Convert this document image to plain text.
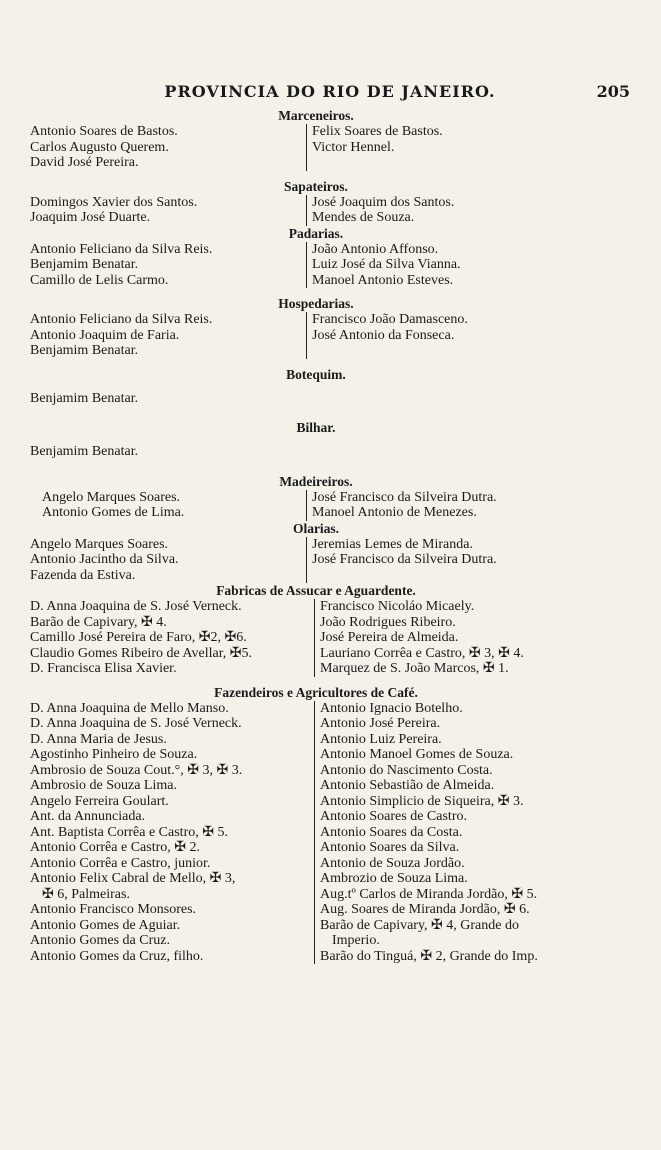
PROVINCIA DO RIO DE JANEIRO.	205
Marceneiros.
Antonio Soares de Bastos.
Carlos Augusto Querem.
David José Pereira.
Felix Soares de Bastos.
Victor Hennel.

Sapateiros.
Domingos Xavier dos Santos.
Joaquim José Duarte.
José Joaquim dos Santos.
Mendes de Souza.
Padarias.
Antonio Feliciano da Silva Reis.
Benjamim Benatar.
Camillo de Lelis Carmo.
João Antonio Affonso.
Luiz José da Silva Vianna.
Manoel Antonio Esteves.
Hospedarias.
Antonio Feliciano da Silva Reis.
Antonio Joaquim de Faria.
Benjamim Benatar.
Francisco João Damasceno.
José Antonio da Fonseca.

Botequim.
Benjamim Benatar.
Bilhar.
Benjamim Benatar.
Madeireiros.
Angelo Marques Soares.
Antonio Gomes de Lima.
José Francisco da Silveira Dutra.
Manoel Antonio de Menezes.
Olarias.
Angelo Marques Soares.
Antonio Jacintho da Silva.
Fazenda da Estiva.
Jeremias Lemes de Miranda.
José Francisco da Silveira Dutra.

Fabricas de Assucar e Aguardente.
D. Anna Joaquina de S. José Verneck.
Barão de Capivary, ✠ 4.
Camillo José Pereira de Faro, ✠2, ✠6.
Claudio Gomes Ribeiro de Avellar, ✠5.
D. Francisca Elisa Xavier.
Francisco Nicoláo Micaely.
João Rodrigues Ribeiro.
José Pereira de Almeida.
Lauriano Corrêa e Castro, ✠ 3, ✠ 4.
Marquez de S. João Marcos, ✠ 1.
Fazendeiros e Agricultores de Café.
D. Anna Joaquina de Mello Manso.
D. Anna Joaquina de S. José Verneck.
D. Anna Maria de Jesus.
Agostinho Pinheiro de Souza.
Ambrosio de Souza Cout.°, ✠ 3, ✠ 3.
Ambrosio de Souza Lima.
Angelo Ferreira Goulart.
Ant. da Annunciada.
Ant. Baptista Corrêa e Castro, ✠ 5.
Antonio Corrêa e Castro, ✠ 2.
Antonio Corrêa e Castro, junior.
Antonio Felix Cabral de Mello, ✠ 3,
✠ 6, Palmeiras.
Antonio Francisco Monsores.
Antonio Gomes de Aguiar.
Antonio Gomes da Cruz.
Antonio Gomes da Cruz, filho.
Antonio Ignacio Botelho.
Antonio José Pereira.
Antonio Luiz Pereira.
Antonio Manoel Gomes de Souza.
Antonio do Nascimento Costa.
Antonio Sebastião de Almeida.
Antonio Simplicio de Siqueira, ✠ 3.
Antonio Soares de Castro.
Antonio Soares da Costa.
Antonio Soares da Silva.
Antonio de Souza Jordão.
Ambrozio de Souza Lima.
Aug.tº Carlos de Miranda Jordão, ✠ 5.
Aug. Soares de Miranda Jordão, ✠ 6.
Barão de Capivary, ✠ 4, Grande do
Imperio.
Barão do Tinguá, ✠ 2, Grande do Imp.
